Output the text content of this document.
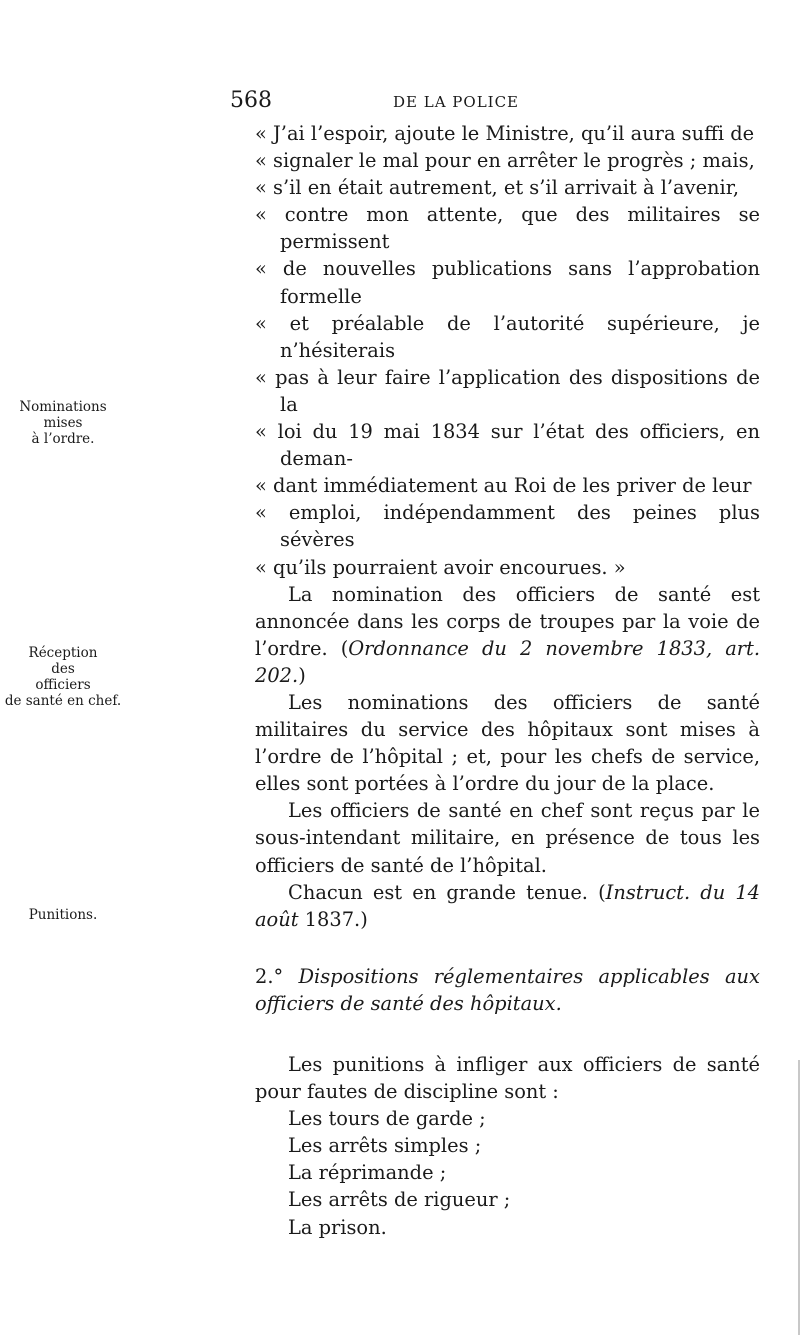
568	DE LA POLICE
Nominations
mises
à l’ordre.
Réception
des
officiers
de santé en chef.
Punitions.

« J’ai l’espoir, ajoute le Ministre, qu’il aura suffi de
« signaler le mal pour en arrêter le progrès ; mais,
« s’il en était autrement, et s’il arrivait à l’avenir,
« contre mon attente, que des militaires se permissent
« de nouvelles publications sans l’approbation formelle
« et préalable de l’autorité supérieure, je n’hésiterais
« pas à leur faire l’application des dispositions de la
« loi du 19 mai 1834 sur l’état des officiers, en deman-
« dant immédiatement au Roi de les priver de leur
« emploi, indépendamment des peines plus sévères
« qu’ils pourraient avoir encourues. »

La nomination des officiers de santé est annoncée dans les corps de troupes par la voie de l’ordre. (Ordonnance du 2 novembre 1833, art. 202.)

Les nominations des officiers de santé militaires du service des hôpitaux sont mises à l’ordre de l’hôpital ; et, pour les chefs de service, elles sont portées à l’ordre du jour de la place.

Les officiers de santé en chef sont reçus par le sous-intendant militaire, en présence de tous les officiers de santé de l’hôpital.

Chacun est en grande tenue. (Instruct. du 14 août 1837.)

2.° Dispositions réglementaires applicables aux officiers de santé des hôpitaux.

Les punitions à infliger aux officiers de santé pour fautes de discipline sont :

Les tours de garde ;
Les arrêts simples ;
La réprimande ;
Les arrêts de rigueur ;
La prison.
